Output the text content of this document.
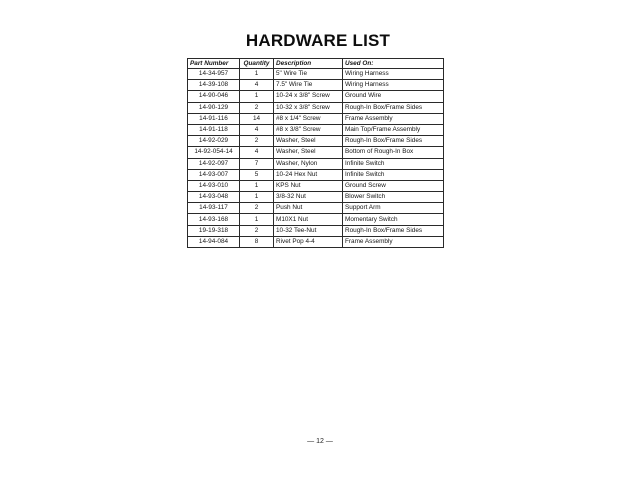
HARDWARE LIST
Part Number	Quantity	Description	Used On:
14-34-957	1	5" Wire Tie	Wiring Harness
14-39-108	4	7.5" Wire Tie	Wiring Harness
14-90-046	1	10-24 x 3/8" Screw	Ground Wire
14-90-129	2	10-32 x 3/8" Screw	Rough-In Box/Frame Sides
14-91-116	14	#8 x 1/4" Screw	Frame Assembly
14-91-118	4	#8 x 3/8" Screw	Main Top/Frame Assembly
14-92-029	2	Washer, Steel	Rough-In Box/Frame Sides
14-92-054-14	4	Washer, Steel	Bottom of Rough-In Box
14-92-097	7	Washer, Nylon	Infinite Switch
14-93-007	5	10-24 Hex Nut	Infinite Switch
14-93-010	1	KPS Nut	Ground Screw
14-93-048	1	3/8-32 Nut	Blower Switch
14-93-117	2	Push Nut	Support Arm
14-93-168	1	M10X1 Nut	Momentary Switch
19-19-318	2	10-32 Tee-Nut	Rough-In Box/Frame Sides
14-94-084	8	Rivet Pop 4-4	Frame Assembly
— 12 —
